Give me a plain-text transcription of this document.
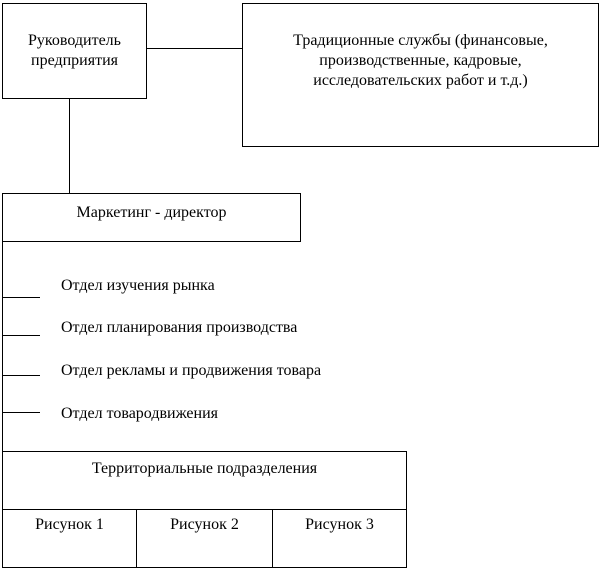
Руководитель
предприятия
Традиционные службы (финансовые,
производственные, кадровые,
исследовательских работ и т.д.)
Маркетинг - директор
Отдел изучения рынка
Отдел планирования производства
Отдел рекламы и продвижения товара
Отдел товародвижения
Территориальные подразделения
Рисунок 1	Рисунок 2	Рисунок 3
